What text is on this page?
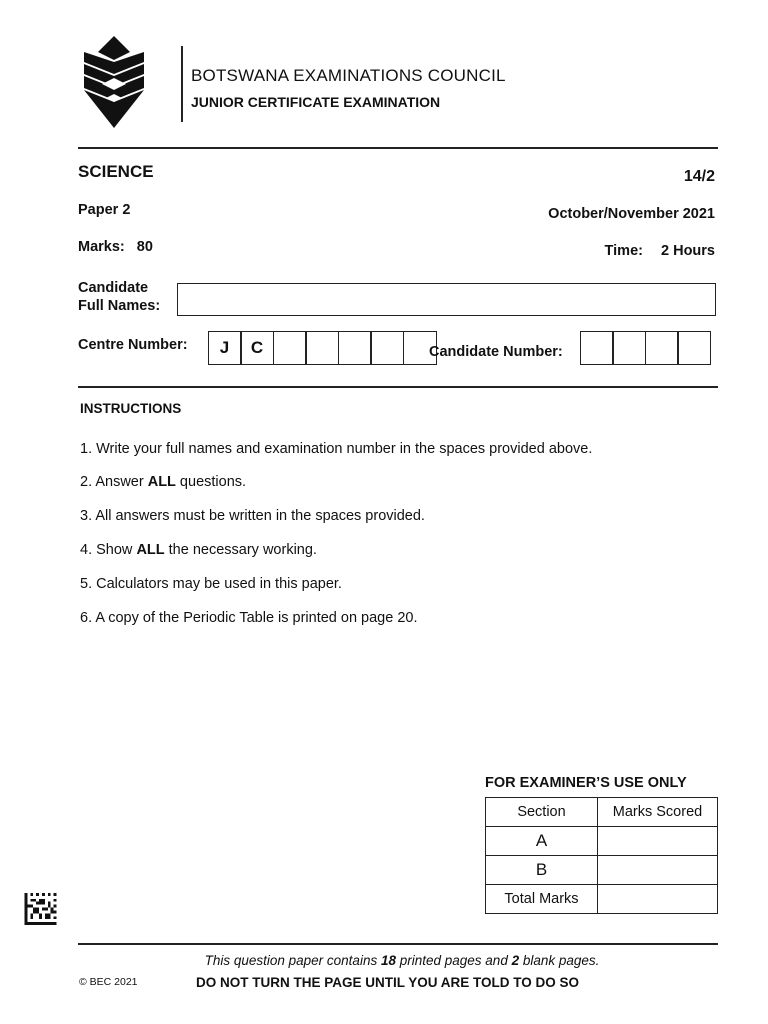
BOTSWANA EXAMINATIONS COUNCIL
JUNIOR CERTIFICATE EXAMINATION
SCIENCE	14/2
Paper 2	October/November 2021
Marks: 80	Time: 2 Hours
Candidate
Full Names:
Centre Number:	J	C	Candidate Number:
INSTRUCTIONS
1. Write your full names and examination number in the spaces provided above.
2. Answer ALL questions.
3. All answers must be written in the spaces provided.
4. Show ALL the necessary working.
5. Calculators may be used in this paper.
6. A copy of the Periodic Table is printed on page 20.
FOR EXAMINER’S USE ONLY
Section	Marks Scored
A	
B	
Total Marks	
This question paper contains 18 printed pages and 2 blank pages.
© BEC 2021	DO NOT TURN THE PAGE UNTIL YOU ARE TOLD TO DO SO
